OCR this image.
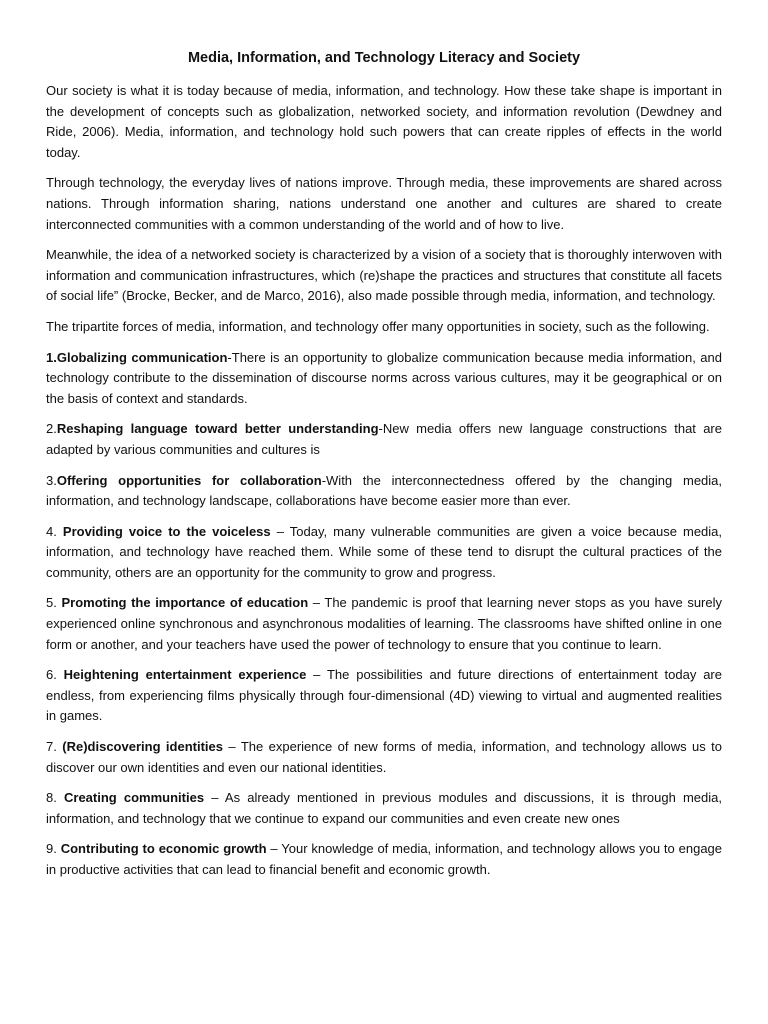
Media, Information, and Technology Literacy and Society

Our society is what it is today because of media, information, and technology. How these take shape is important in the development of concepts such as globalization, networked society, and information revolution (Dewdney and Ride, 2006). Media, information, and technology hold such powers that can create ripples of effects in the world today.

Through technology, the everyday lives of nations improve. Through media, these improvements are shared across nations. Through information sharing, nations understand one another and cultures are shared to create interconnected communities with a common understanding of the world and of how to live.

Meanwhile, the idea of a networked society is characterized by a vision of a society that is thoroughly interwoven with information and communication infrastructures, which (re)shape the practices and structures that constitute all facets of social life” (Brocke, Becker, and de Marco, 2016), also made possible through media, information, and technology.

The tripartite forces of media, information, and technology offer many opportunities in society, such as the following.

1.Globalizing communication-There is an opportunity to globalize communication because media information, and technology contribute to the dissemination of discourse norms across various cultures, may it be geographical or on the basis of context and standards.

2.Reshaping language toward better understanding-New media offers new language constructions that are adapted by various communities and cultures is

3.Offering opportunities for collaboration-With the interconnectedness offered by the changing media, information, and technology landscape, collaborations have become easier more than ever.

4. Providing voice to the voiceless – Today, many vulnerable communities are given a voice because media, information, and technology have reached them. While some of these tend to disrupt the cultural practices of the community, others are an opportunity for the community to grow and progress.

5. Promoting the importance of education – The pandemic is proof that learning never stops as you have surely experienced online synchronous and asynchronous modalities of learning. The classrooms have shifted online in one form or another, and your teachers have used the power of technology to ensure that you continue to learn.

6. Heightening entertainment experience – The possibilities and future directions of entertainment today are endless, from experiencing films physically through four-dimensional (4D) viewing to virtual and augmented realities in games.

7. (Re)discovering identities – The experience of new forms of media, information, and technology allows us to discover our own identities and even our national identities.

8. Creating communities – As already mentioned in previous modules and discussions, it is through media, information, and technology that we continue to expand our communities and even create new ones

9. Contributing to economic growth – Your knowledge of media, information, and technology allows you to engage in productive activities that can lead to financial benefit and economic growth.
